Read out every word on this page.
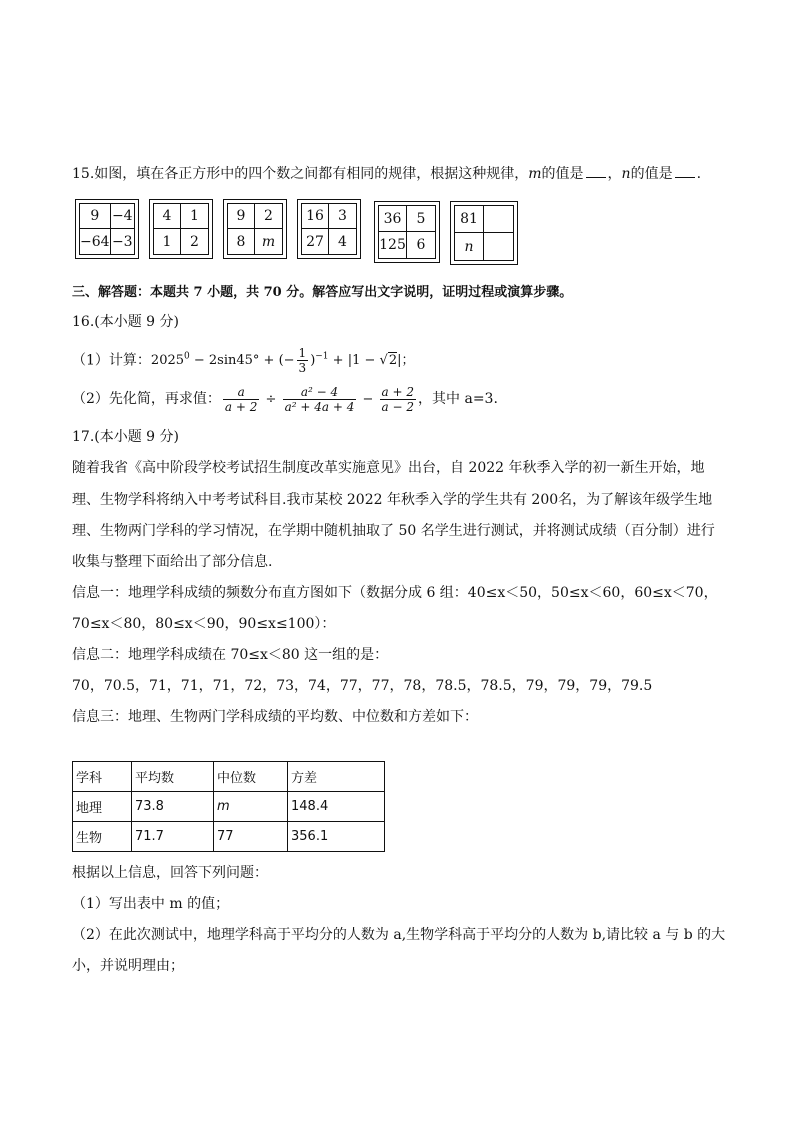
15.如图，填在各正方形中的四个数之间都有相同的规律，根据这种规律，m的值是 ，n的值是 .
9 −4
−64 −3
4	1
1	2
9	2
8	m
16	3
27	4
36	5
125 6
81
n
三、解答题：本题共 7 小题，共 70 分。解答应写出文字说明，证明过程或演算步骤。
16.(本小题 9 分)
（1）计算：$2025^0 - 2\sin 45^\circ$ + (− $\frac{1}{3} )^{-1} + |1 - √2|$；
（2）先化简，再求值： $\frac{a}{a + 2} \div \frac{\text{a² − 4}}{\text{a² + 4a + 4}} - \frac{a + 2}{a - 2}$ ，其中 a=3.
17.(本小题 9 分)
随着我省《高中阶段学校考试招生制度改革实施意见》出台，自 2022 年秋季入学的初一新生开始，地
理、生物学科将纳入中考考试科目.我市某校 2022 年秋季入学的学生共有 200名，为了解该年级学生地
理、生物两门学科的学习情况，在学期中随机抽取了 50 名学生进行测试，并将测试成绩（百分制）进行
收集与整理下面给出了部分信息.
信息一：地理学科成绩的频数分布直方图如下（数据分成 6 组：40≤x＜50，50≤x＜60，60≤x＜70，
70≤x＜80，80≤x＜90，90≤x≤100）：
信息二：地理学科成绩在 70≤x＜80 这一组的是：
70，70.5，71，71，71，72，73，74，77，77，78，78.5，78.5，79，79，79，79.5
信息三：地理、生物两门学科成绩的平均数、中位数和方差如下：
学科	平均数	中位数	方差
地理	73.8	m	148.4
生物	71.7	77	356.1
根据以上信息，回答下列问题：
（1）写出表中 m 的值；
（2）在此次测试中，地理学科高于平均分的人数为 a,生物学科高于平均分的人数为 b,请比较 a 与 b 的大
小，并说明理由；
